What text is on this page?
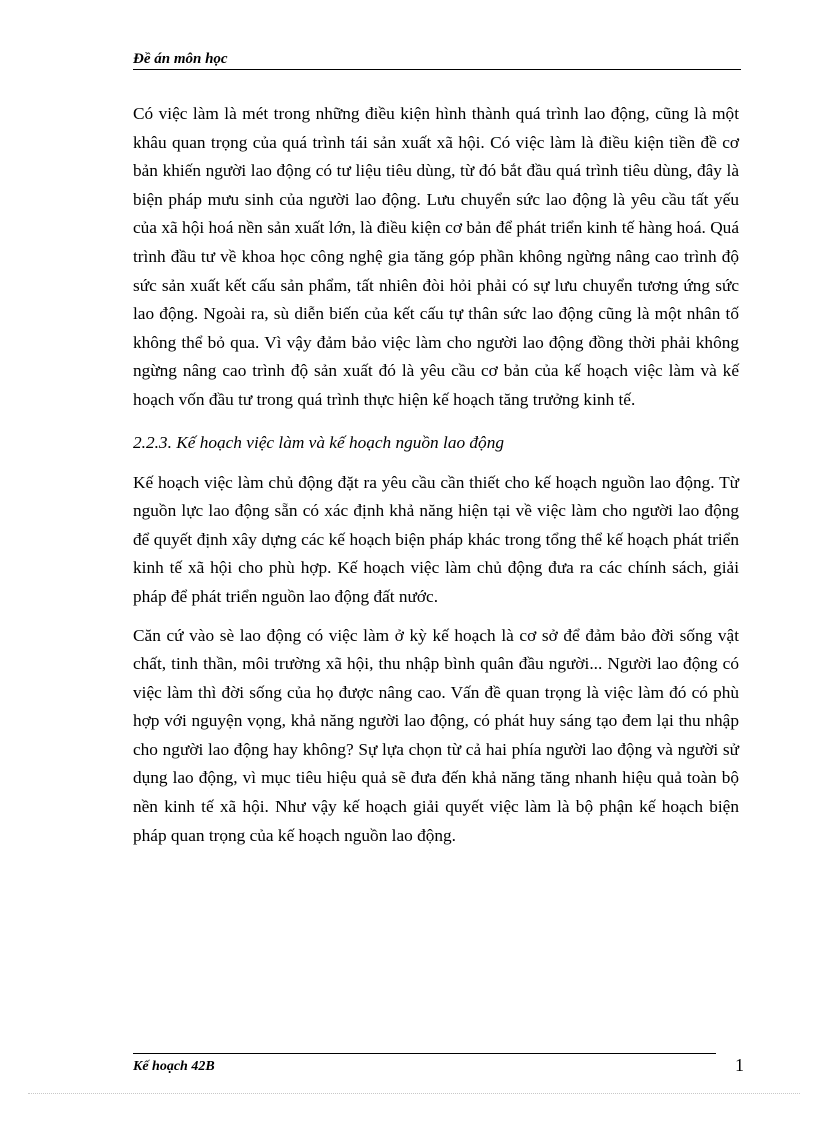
Đề án môn học

Có việc làm là mét trong những điều kiện hình thành quá trình lao động, cũng là một khâu quan trọng của quá trình tái sản xuất xã hội. Có việc làm là điều kiện tiền đề cơ bản khiến người lao động có tư liệu tiêu dùng, từ đó bắt đầu quá trình tiêu dùng, đây là biện pháp mưu sinh của người lao động. Lưu chuyển sức lao động là yêu cầu tất yếu của xã hội hoá nền sản xuất lớn, là điều kiện cơ bản để phát triển kinh tế hàng hoá. Quá trình đầu tư về khoa học công nghệ gia tăng góp phần không ngừng nâng cao trình độ sức sản xuất kết cấu sản phẩm, tất nhiên đòi hỏi phải có sự lưu chuyển tương ứng sức lao động. Ngoài ra, sù diễn biến của kết cấu tự thân sức lao động cũng là một nhân tố không thể bỏ qua. Vì vậy đảm bảo việc làm cho người lao động đồng thời phải không ngừng nâng cao trình độ sản xuất đó là yêu cầu cơ bản của kế hoạch việc làm và kế hoạch vốn đầu tư trong quá trình thực hiện kế hoạch tăng trưởng kinh tế.

2.2.3. Kế hoạch việc làm và kế hoạch nguồn lao động

Kế hoạch việc làm chủ động đặt ra yêu cầu cần thiết cho kế hoạch nguồn lao động. Từ nguồn lực lao động sẵn có xác định khả năng hiện tại về việc làm cho người lao động để quyết định xây dựng các kế hoạch biện pháp khác trong tổng thể kế hoạch phát triển kinh tế xã hội cho phù hợp. Kế hoạch việc làm chủ động đưa ra các chính sách, giải pháp để phát triển nguồn lao động đất nước.

Căn cứ vào sè lao động có việc làm ở kỳ kế hoạch là cơ sở để đảm bảo đời sống vật chất, tinh thần, môi trường xã hội, thu nhập bình quân đầu người... Người lao động có việc làm thì đời sống của họ được nâng cao. Vấn đề quan trọng là việc làm đó có phù hợp với nguyện vọng, khả năng người lao động, có phát huy sáng tạo đem lại thu nhập cho người lao động hay không? Sự lựa chọn từ cả hai phía người lao động và người sử dụng lao động, vì mục tiêu hiệu quả sẽ đưa đến khả năng tăng nhanh hiệu quả toàn bộ nền kinh tế xã hội. Như vậy kế hoạch giải quyết việc làm là bộ phận kế hoạch biện pháp quan trọng của kế hoạch nguồn lao động.

Kế hoạch 42B	1
